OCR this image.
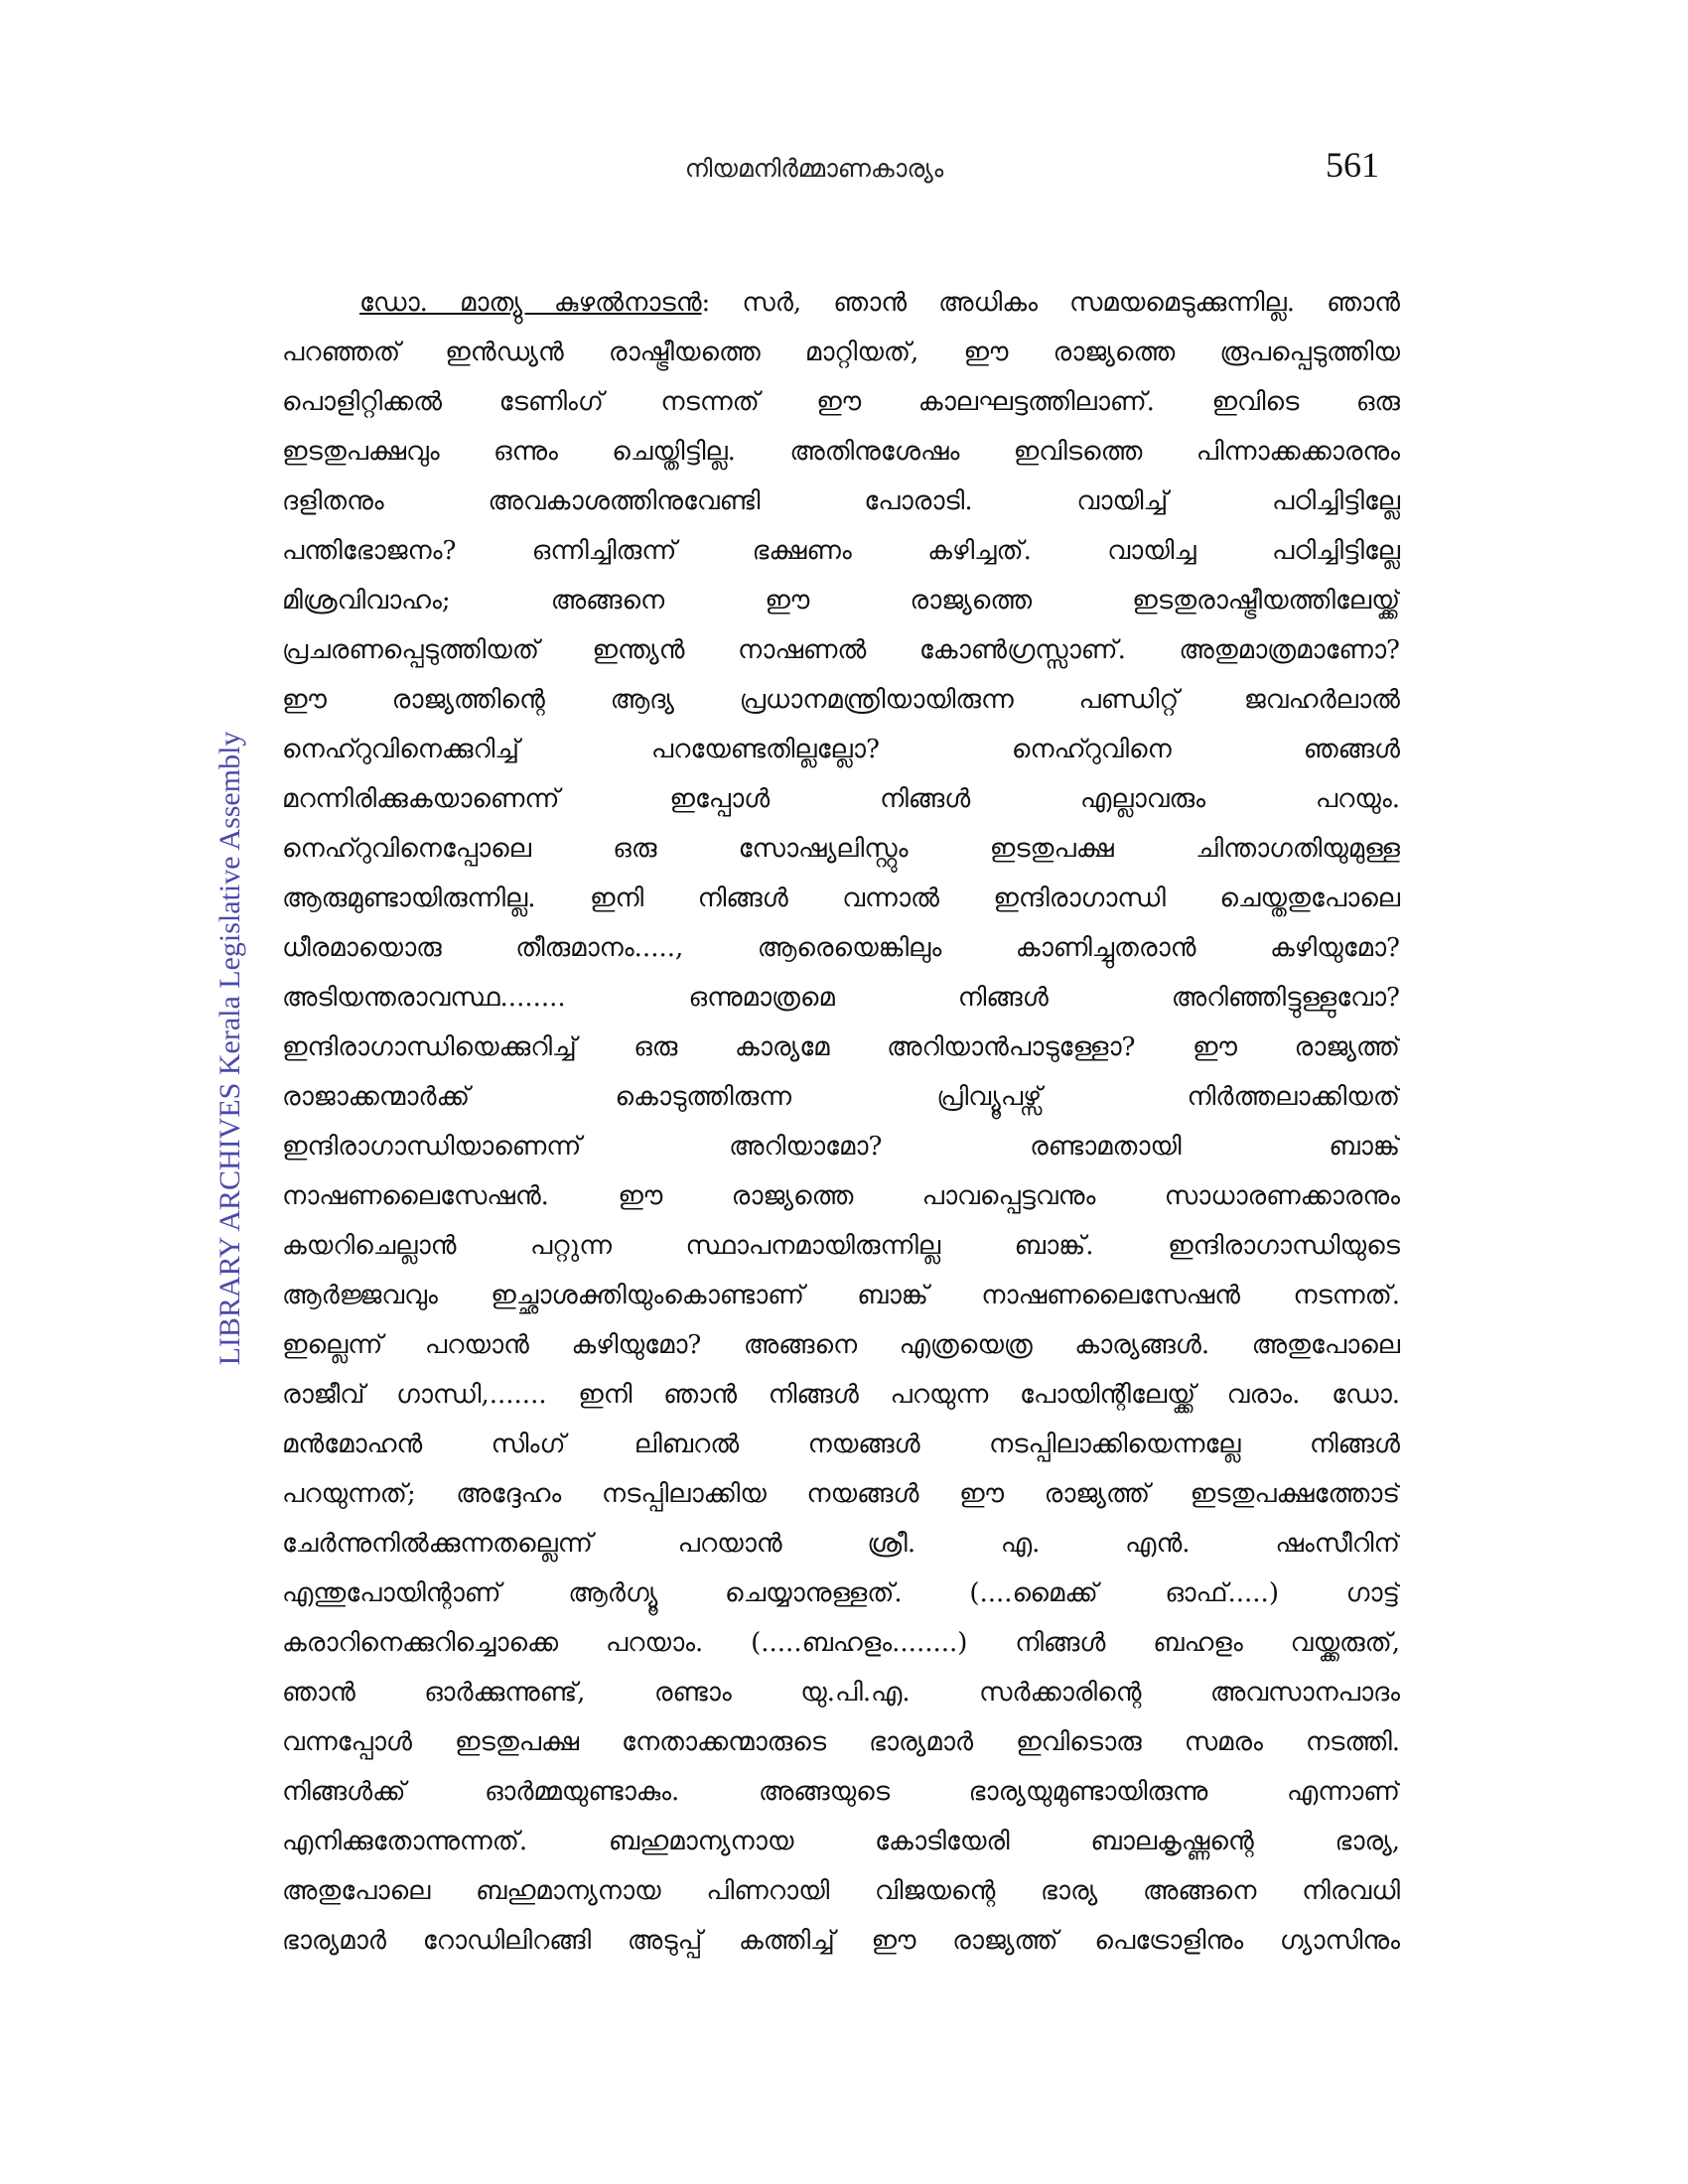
നിയമനിർമ്മാണകാര്യം	561
LIBRARY ARCHIVES Kerala Legislative Assembly
ഡോ. മാത്യു കുഴൽനാടൻ: സർ, ഞാൻ അധികം സമയമെടുക്കുന്നില്ല. ഞാൻ
പറഞ്ഞത് ഇൻഡ്യൻ രാഷ്ട്രീയത്തെ മാറ്റിയത്, ഈ രാജ്യത്തെ രൂപപ്പെടുത്തിയ
പൊളിറ്റിക്കൽ ടേണിംഗ് നടന്നത് ഈ കാലഘട്ടത്തിലാണ്. ഇവിടെ ഒരു
ഇടതുപക്ഷവും ഒന്നും ചെയ്തിട്ടില്ല. അതിനുശേഷം ഇവിടത്തെ പിന്നാക്കക്കാരനും
ദളിതനും അവകാശത്തിനുവേണ്ടി പോരാടി. വായിച്ച് പഠിച്ചിട്ടില്ലേ
പന്തിഭോജനം? ഒന്നിച്ചിരുന്ന് ഭക്ഷണം കഴിച്ചത്. വായിച്ച പഠിച്ചിട്ടില്ലേ
മിശ്രവിവാഹം; അങ്ങനെ ഈ രാജ്യത്തെ ഇടതുരാഷ്ട്രീയത്തിലേയ്ക്ക്
പ്രചരണപ്പെടുത്തിയത് ഇന്ത്യൻ നാഷണൽ കോൺഗ്രസ്സാണ്. അതുമാത്രമാണോ?
ഈ രാജ്യത്തിന്റെ ആദ്യ പ്രധാനമന്ത്രിയായിരുന്ന പണ്ഡിറ്റ് ജവഹർലാൽ
നെഹ്റുവിനെക്കുറിച്ച് പറയേണ്ടതില്ലല്ലോ? നെഹ്റുവിനെ ഞങ്ങൾ
മറന്നിരിക്കുകയാണെന്ന് ഇപ്പോൾ നിങ്ങൾ എല്ലാവരും പറയും.
നെഹ്റുവിനെപ്പോലെ ഒരു സോഷ്യലിസ്റ്റും ഇടതുപക്ഷ ചിന്താഗതിയുമുള്ള
ആരുമുണ്ടായിരുന്നില്ല. ഇനി നിങ്ങൾ വന്നാൽ ഇന്ദിരാഗാന്ധി ചെയ്തതുപോലെ
ധീരമായൊരു തീരുമാനം....., ആരെയെങ്കിലും കാണിച്ചുതരാൻ കഴിയുമോ?
അടിയന്തരാവസ്ഥ........ ഒന്നുമാത്രമെ നിങ്ങൾ അറിഞ്ഞിട്ടുള്ളുവോ?
ഇന്ദിരാഗാന്ധിയെക്കുറിച്ച് ഒരു കാര്യമേ അറിയാൻപാടുള്ളോ? ഈ രാജ്യത്ത്
രാജാക്കന്മാർക്ക് കൊടുത്തിരുന്ന പ്രിവ്യൂപഴ്സ് നിർത്തലാക്കിയത്
ഇന്ദിരാഗാന്ധിയാണെന്ന് അറിയാമോ? രണ്ടാമതായി ബാങ്ക്
നാഷണലൈസേഷൻ. ഈ രാജ്യത്തെ പാവപ്പെട്ടവനും സാധാരണക്കാരനും
കയറിചെല്ലാൻ പറ്റുന്ന സ്ഥാപനമായിരുന്നില്ല ബാങ്ക്. ഇന്ദിരാഗാന്ധിയുടെ
ആർജ്ജവവും ഇച്ഛാശക്തിയുംകൊണ്ടാണ് ബാങ്ക് നാഷണലൈസേഷൻ നടന്നത്.
ഇല്ലെന്ന് പറയാൻ കഴിയുമോ? അങ്ങനെ എത്രയെത്ര കാര്യങ്ങൾ. അതുപോലെ
രാജീവ് ഗാന്ധി,....... ഇനി ഞാൻ നിങ്ങൾ പറയുന്ന പോയിന്റിലേയ്ക്ക് വരാം. ഡോ.
മൻമോഹൻ സിംഗ് ലിബറൽ നയങ്ങൾ നടപ്പിലാക്കിയെന്നല്ലേ നിങ്ങൾ
പറയുന്നത്; അദ്ദേഹം നടപ്പിലാക്കിയ നയങ്ങൾ ഈ രാജ്യത്ത് ഇടതുപക്ഷത്തോട്
ചേർന്നുനിൽക്കുന്നതല്ലെന്ന് പറയാൻ ശ്രീ. എ. എൻ. ഷംസീറിന്
എന്തുപോയിന്റാണ് ആർഗ്യൂ ചെയ്യാനുള്ളത്. (....മൈക്ക് ഓഫ്.....) ഗാട്ട്
കരാറിനെക്കുറിച്ചൊക്കെ പറയാം. (.....ബഹളം........) നിങ്ങൾ ബഹളം വയ്ക്കരുത്,
ഞാൻ ഓർക്കുന്നുണ്ട്, രണ്ടാം യു.പി.എ. സർക്കാരിന്റെ അവസാനപാദം
വന്നപ്പോൾ ഇടതുപക്ഷ നേതാക്കന്മാരുടെ ഭാര്യമാർ ഇവിടൊരു സമരം നടത്തി.
നിങ്ങൾക്ക് ഓർമ്മയുണ്ടാകും. അങ്ങയുടെ ഭാര്യയുമുണ്ടായിരുന്നു എന്നാണ്
എനിക്കുതോന്നുന്നത്. ബഹുമാന്യനായ കോടിയേരി ബാലകൃഷ്ണന്റെ ഭാര്യ,
അതുപോലെ ബഹുമാന്യനായ പിണറായി വിജയന്റെ ഭാര്യ അങ്ങനെ നിരവധി
ഭാര്യമാർ റോഡിലിറങ്ങി അടുപ്പ് കത്തിച്ച് ഈ രാജ്യത്ത് പെട്രോളിനും ഗ്യാസിനും
